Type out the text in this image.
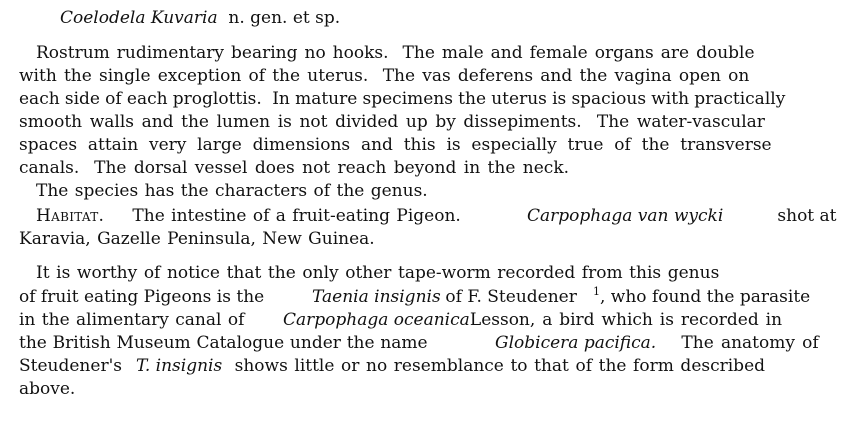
Coelodela Kuvaria n. gen. et sp.
Rostrum rudimentary bearing no hooks.  The male and female organs are double
with the single exception of the uterus.  The vas deferens and the vagina open on
each side of each proglottis.  In mature specimens the uterus is spacious with practically
smooth walls and the lumen is not divided up by dissepiments.  The water-vascular
spaces attain very large dimensions and this is especially true of the transverse
canals.  The dorsal vessel does not reach beyond in the neck.
The species has the characters of the genus.
Habitat. The intestine of a fruit-eating Pigeon.	Carpophaga van wycki	shot at
Karavia, Gazelle Peninsula, New Guinea.
It is worthy of notice that the only other tape-worm recorded from this genus
of fruit eating Pigeons is the Taenia insignis of F. Steudener 1 , who found the parasite
in the alimentary canal of Carpophaga oceanica
Lesson, a bird which is recorded in
the British Museum Catalogue under the name	Globicera pacifica. The anatomy of
Steudener's T. insignis shows little or no resemblance to that of the form described
above.
